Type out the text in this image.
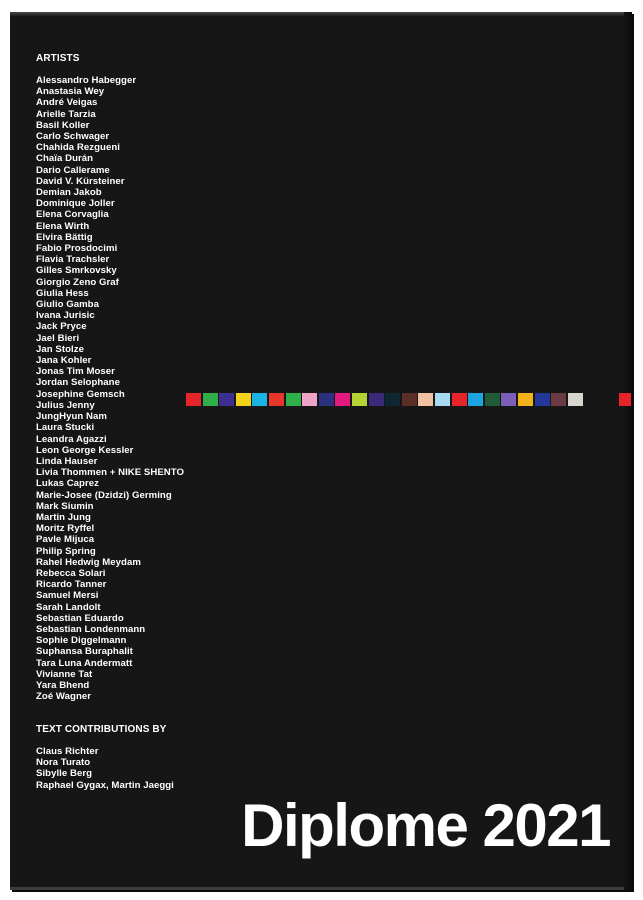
ARTISTS
Alessandro Habegger
Anastasia Wey
André Veigas
Arielle Tarzia
Basil Koller
Carlo Schwager
Chahida Rezgueni
Chaïa Durán
Dario Callerame
David V. Kürsteiner
Demian Jakob
Dominique Joller
Elena Corvaglia
Elena Wirth
Elvira Bättig
Fabio Prosdocimi
Flavia Trachsler
Gilles Smrkovsky
Giorgio Zeno Graf
Giulia Hess
Giulio Gamba
Ivana Jurisic
Jack Pryce
Jael Bieri
Jan Stolze
Jana Kohler
Jonas Tim Moser
Jordan Selophane
Josephine Gemsch
Julius Jenny
JungHyun Nam
Laura Stucki
Leandra Agazzi
Leon George Kessler
Linda Hauser
Livia Thommen + NIKE SHENTO
Lukas Caprez
Marie-Josee (Dzidzi) Germing
Mark Siumin
Martin Jung
Moritz Ryffel
Pavle Mijuca
Philip Spring
Rahel Hedwig Meydam
Rebecca Solari
Ricardo Tanner
Samuel Mersi
Sarah Landolt
Sebastian Eduardo
Sebastian Londenmann
Sophie Diggelmann
Suphansa Buraphalit
Tara Luna Andermatt
Vivianne Tat
Yara Bhend
Zoé Wagner
TEXT CONTRIBUTIONS BY
Claus Richter
Nora Turato
Sibylle Berg
Raphael Gygax, Martin Jaeggi
Diplome 2021
